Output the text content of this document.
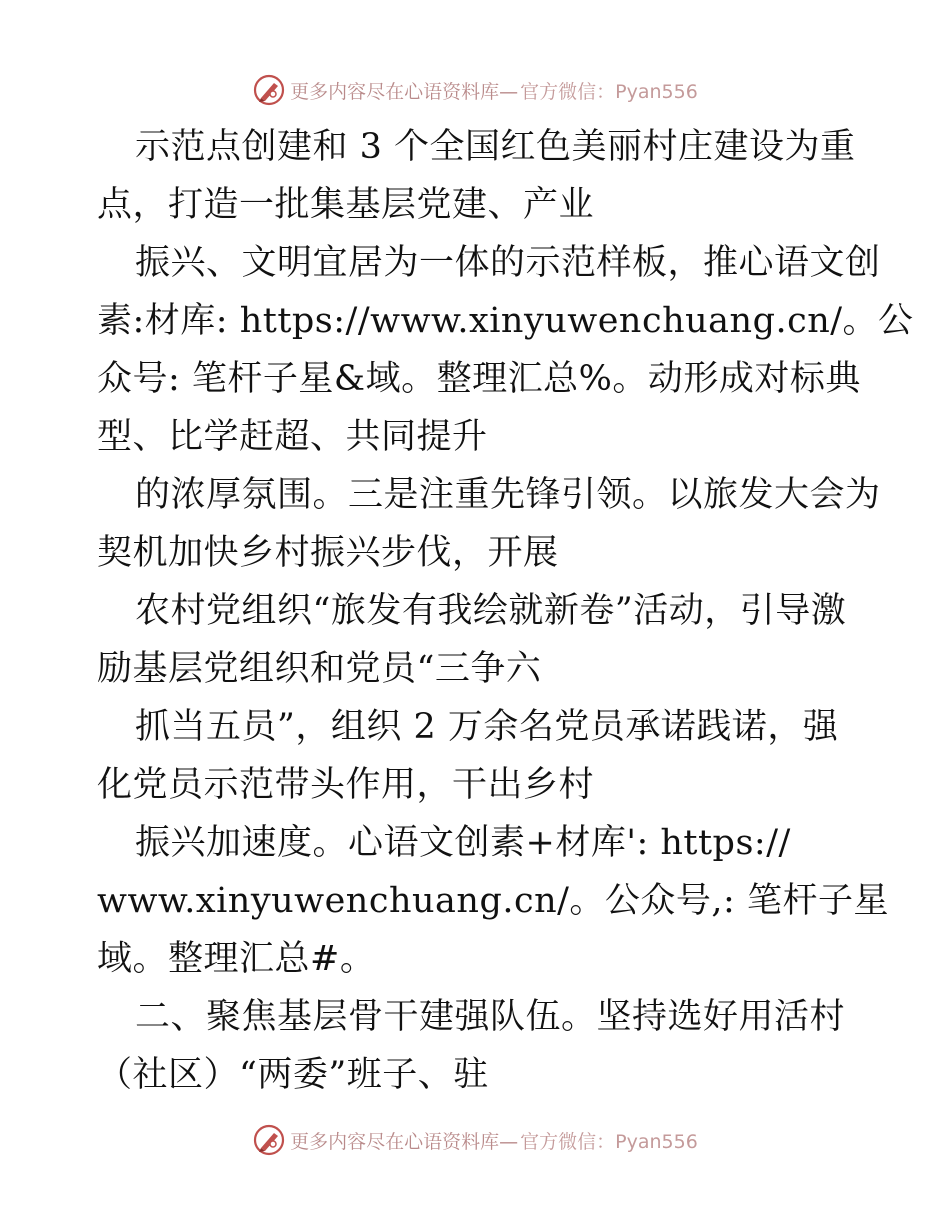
更多内容尽在心语资料库— 官方微信：Pyan556
示范点创建和 3 个全国红色美丽村庄建设为重
点，打造一批集基层党建、产业
振兴、文明宜居为一体的示范样板，推心语文创
素:材库: https://www.xinyuwenchuang.cn/。公
众号: 笔杆子星&域。整理汇总%。动形成对标典
型、比学赶超、共同提升
的浓厚氛围。三是注重先锋引领。以旅发大会为
契机加快乡村振兴步伐，开展
农村党组织“旅发有我绘就新卷”活动，引导激
励基层党组织和党员“三争六
抓当五员”，组织 2 万余名党员承诺践诺，强
化党员示范带头作用，干出乡村
振兴加速度。心语文创素+材库': https://
www.xinyuwenchuang.cn/。公众号,: 笔杆子星
域。整理汇总#。
二、聚焦基层骨干建强队伍。坚持选好用活村
（社区）“两委”班子、驻
更多内容尽在心语资料库— 官方微信：Pyan556
